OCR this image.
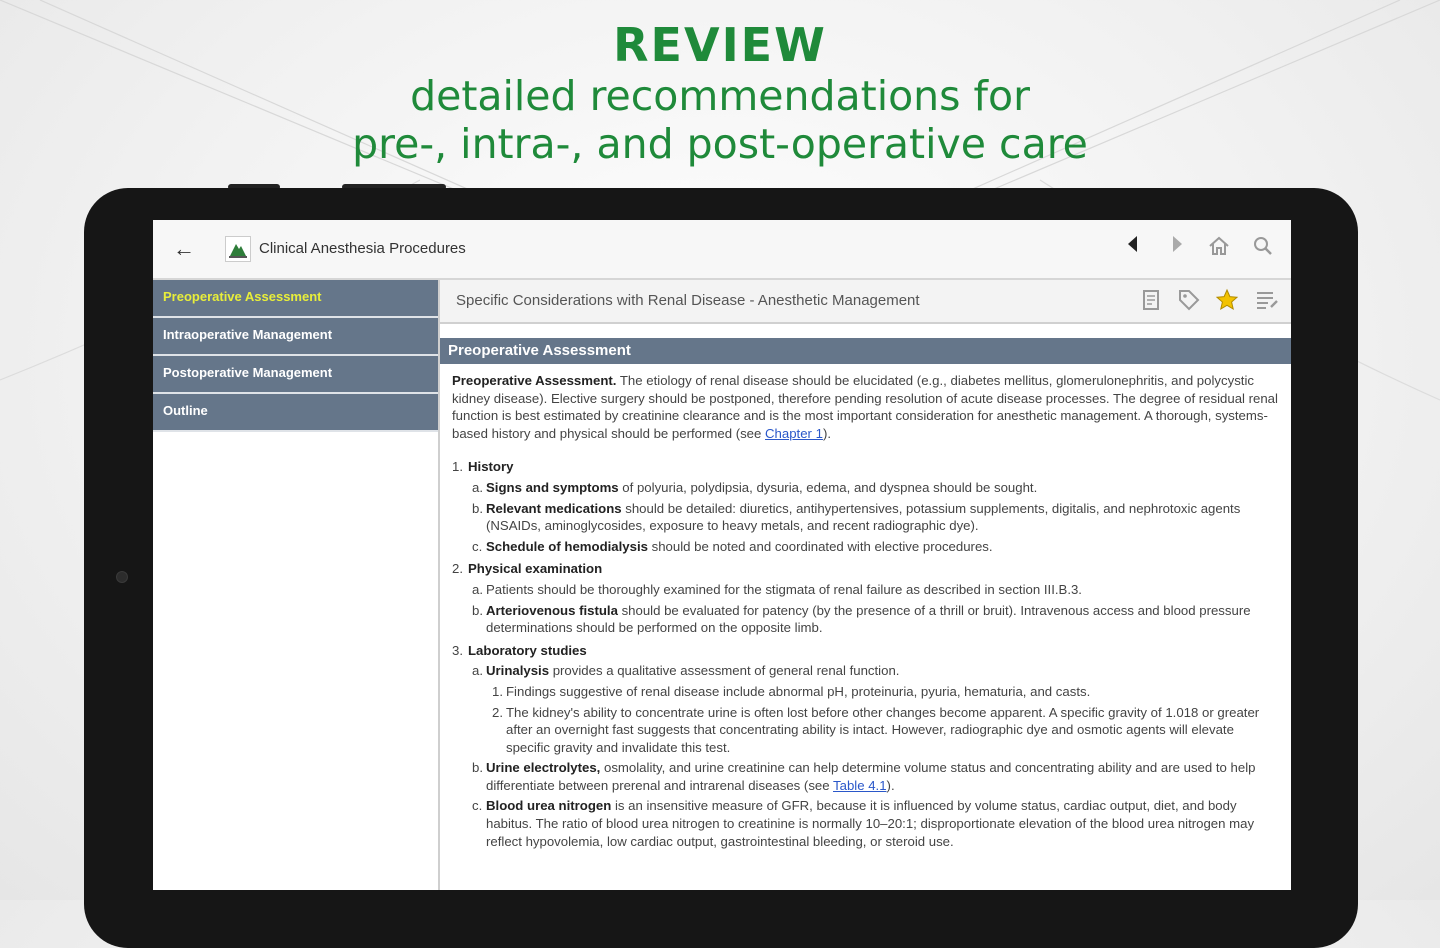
REVIEW
detailed recommendations for
pre-, intra-, and post-operative care
←	Clinical Anesthesia Procedures
Preoperative Assessment
Intraoperative Management
Postoperative Management
Outline
Specific Considerations with Renal Disease - Anesthetic Management
Preoperative Assessment

Preoperative Assessment. The etiology of renal disease should be elucidated (e.g., diabetes mellitus, glomerulonephritis, and polycystic kidney disease). Elective surgery should be postponed, therefore pending resolution of acute disease processes. The degree of residual renal function is best estimated by creatinine clearance and is the most important consideration for anesthetic management. A thorough, systems-based history and physical should be performed (see Chapter 1).

1. History
a. Signs and symptoms of polyuria, polydipsia, dysuria, edema, and dyspnea should be sought.
b. Relevant medications should be detailed: diuretics, antihypertensives, potassium supplements, digitalis, and nephrotoxic agents (NSAIDs, aminoglycosides, exposure to heavy metals, and recent radiographic dye).
c. Schedule of hemodialysis should be noted and coordinated with elective procedures.
2. Physical examination
a. Patients should be thoroughly examined for the stigmata of renal failure as described in section III.B.3.
b. Arteriovenous fistula should be evaluated for patency (by the presence of a thrill or bruit). Intravenous access and blood pressure determinations should be performed on the opposite limb.
3. Laboratory studies
a. Urinalysis provides a qualitative assessment of general renal function.
1. Findings suggestive of renal disease include abnormal pH, proteinuria, pyuria, hematuria, and casts.
2. The kidney's ability to concentrate urine is often lost before other changes become apparent. A specific gravity of 1.018 or greater after an overnight fast suggests that concentrating ability is intact. However, radiographic dye and osmotic agents will elevate specific gravity and invalidate this test.
b. Urine electrolytes, osmolality, and urine creatinine can help determine volume status and concentrating ability and are used to help differentiate between prerenal and intrarenal diseases (see Table 4.1).
c. Blood urea nitrogen is an insensitive measure of GFR, because it is influenced by volume status, cardiac output, diet, and body habitus. The ratio of blood urea nitrogen to creatinine is normally 10–20:1; disproportionate elevation of the blood urea nitrogen may reflect hypovolemia, low cardiac output, gastrointestinal bleeding, or steroid use.
